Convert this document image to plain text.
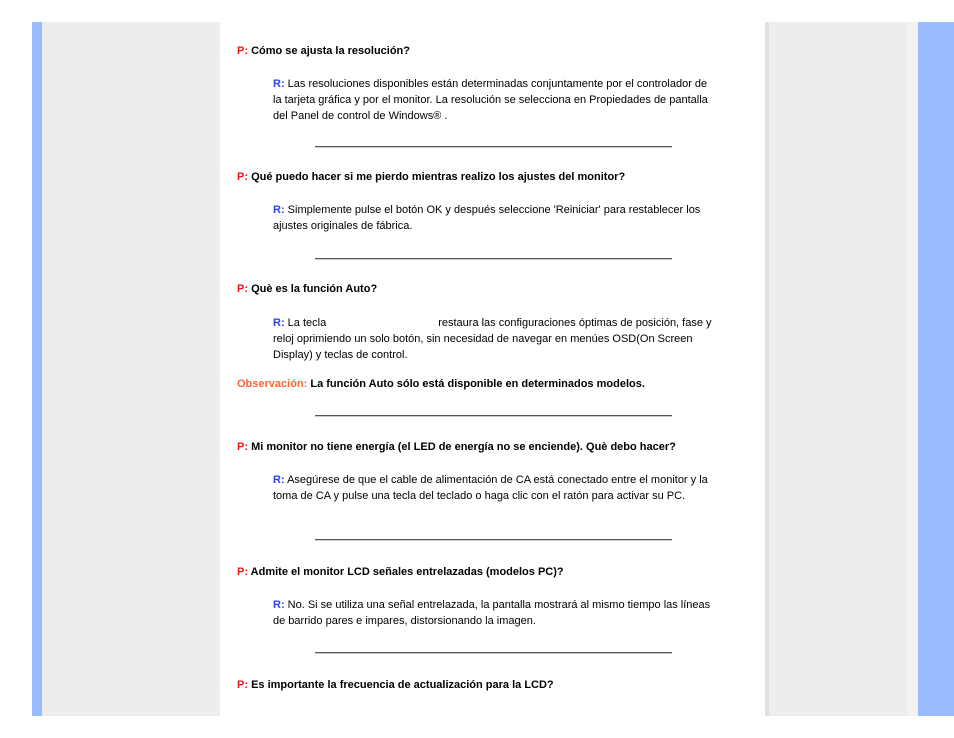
P: Cómo se ajusta la resolución?
R: Las resoluciones disponibles están determinadas conjuntamente por el controlador de la tarjeta gráfica y por el monitor. La resolución se selecciona en Propiedades de pantalla del Panel de control de Windows® .
P: Qué puedo hacer si me pierdo mientras realizo los ajustes del monitor?
R: Simplemente pulse el botón OK y después seleccione 'Reiniciar' para restablecer los ajustes originales de fábrica.
P: Què es la función Auto?
R: La tecla	restaura las configuraciones óptimas de posición, fase y reloj oprimiendo un solo botón, sin necesidad de navegar en menúes OSD(On Screen Display) y teclas de control.
Observación: La función Auto sólo está disponible en determinados modelos.
P: Mi monitor no tiene energía (el LED de energía no se enciende). Què debo hacer?
R: Asegúrese de que el cable de alimentación de CA está conectado entre el monitor y la toma de CA y pulse una tecla del teclado o haga clic con el ratón para activar su PC.
P: Admite el monitor LCD señales entrelazadas (modelos PC)?
R: No. Si se utiliza una señal entrelazada, la pantalla mostrará al mismo tiempo las líneas de barrido pares e impares, distorsionando la imagen.
P: Es importante la frecuencia de actualización para la LCD?
